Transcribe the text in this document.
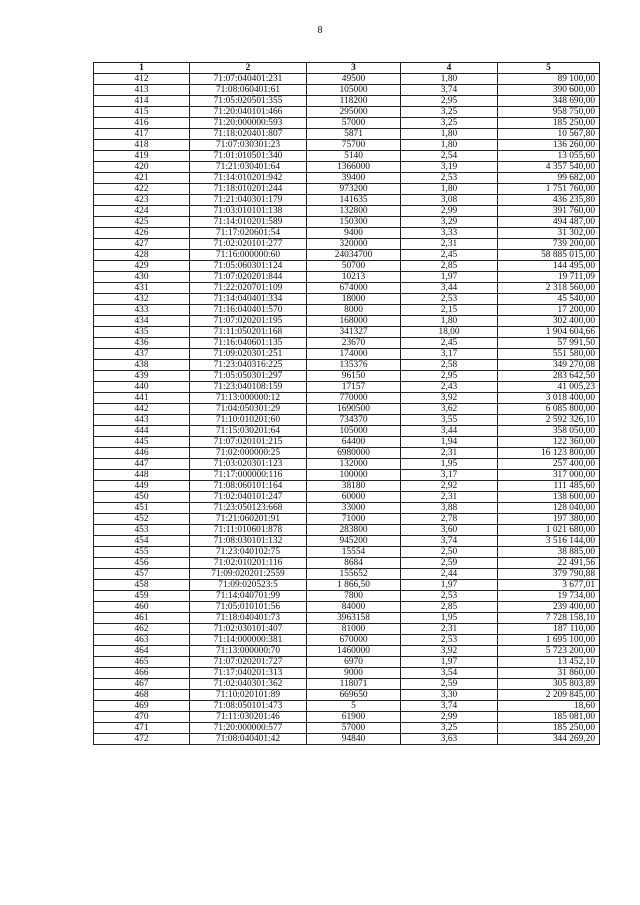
8
1	2	3	4	5
412	71:07:040401:231	49500	1,80	89 100,00
413	71:08:060401:61	105000	3,74	390 600,00
414	71:05:020501:355	118200	2,95	348 690,00
415	71:20:040101:466	295000	3,25	958 750,00
416	71:20:000000:593	57000	3,25	185 250,00
417	71:18:020401:807	5871	1,80	10 567,80
418	71:07:030301:23	75700	1,80	136 260,00
419	71:01:010501:340	5140	2,54	13 055,60
420	71:21:030401:64	1366000	3,19	4 357 540,00
421	71:14:010201:942	39400	2,53	99 682,00
422	71:18:010201:244	973200	1,80	1 751 760,00
423	71:21:040301:179	141635	3,08	436 235,80
424	71:03:010101:138	132800	2,99	391 760,00
425	71:14:010201:589	150300	3,29	494 487,00
426	71:17:020601:54	9400	3,33	31 302,00
427	71:02:020101:277	320000	2,31	739 200,00
428	71:16:000000:60	24034700	2,45	58 885 015,00
429	71:05:060301:124	50700	2,85	144 495,00
430	71:07:020201:844	10213	1,97	19 711,09
431	71:22:020701:109	674000	3,44	2 318 560,00
432	71:14:040401:334	18000	2,53	45 540,00
433	71:16:040401:570	8000	2,15	17 200,00
434	71:07:020201:195	168000	1,80	302 400,00
435	71:11:050201:168	341327	18,00	1 904 604,66
436	71:16:040601:135	23670	2,45	57 991,50
437	71:09:020301:251	174000	3,17	551 580,00
438	71:23:040316:225	135376	2,58	349 270,08
439	71:05:050301:297	96150	2,95	283 642,50
440	71:23:040108:159	17157	2,43	41 005,23
441	71:13:000000:12	770000	3,92	3 018 400,00
442	71:04:050301:29	1690500	3,62	6 085 800,00
443	71:10:010201:60	734370	3,55	2 592 326,10
444	71:15:030201:64	105000	3,44	358 050,00
445	71:07:020101:215	64400	1,94	122 360,00
446	71:02:000000:25	6980000	2,31	16 123 800,00
447	71:03:020301:123	132000	1,95	257 400,00
448	71:17:000000:116	100000	3,17	317 000,00
449	71:08:060101:164	38180	2,92	111 485,60
450	71:02:040101:247	60000	2,31	138 600,00
451	71:23:050123:668	33000	3,88	128 040,00
452	71:21:060201:91	71000	2,78	197 380,00
453	71:11:010601:878	283800	3,60	1 021 680,00
454	71:08:030101:132	945200	3,74	3 516 144,00
455	71:23:040102:75	15554	2,50	38 885,00
456	71:02:010201:116	8684	2,59	22 491,56
457	71:09:020201:2559	155652	2,44	379 790,88
458	71:09:020523:5	1 866,50	1,97	3 677,01
459	71:14:040701:99	7800	2,53	19 734,00
460	71:05:010101:56	84000	2,85	239 400,00
461	71:18:040401:73	3963158	1,95	7 728 158,10
462	71:02:030101:407	81000	2,31	187 110,00
463	71:14:000000:381	670000	2,53	1 695 100,00
464	71:13:000000:70	1460000	3,92	5 723 200,00
465	71:07:020201:727	6970	1,97	13 452,10
466	71:17:040201:313	9000	3,54	31 860,00
467	71:02:040301:362	118071	2,59	305 803,89
468	71:10:020101:89	669650	3,30	2 209 845,00
469	71:08:050101:473	5	3,74	18,60
470	71:11:030201:46	61900	2,99	185 081,00
471	71:20:000000:577	57000	3,25	185 250,00
472	71:08:040401:42	94840	3,63	344 269,20
